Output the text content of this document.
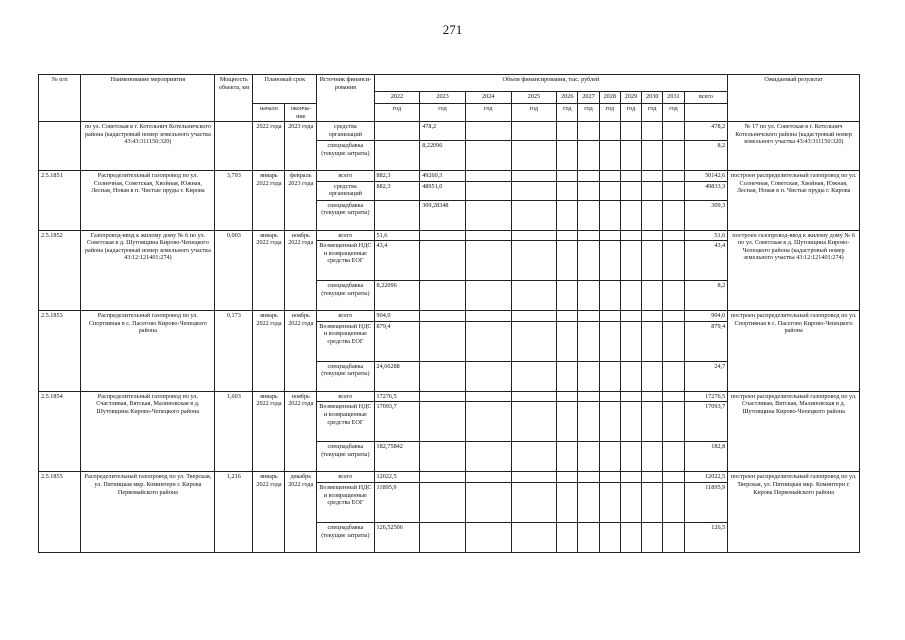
271
№ п/п	Наименование мероприятия	Мощность объекта, км	Плановый срок		Источник финанси-рования	Объем финансирования, тыс. рублей											Ожидаемый результат
						2022	2023	2024	2025	2026	2027	2028	2029	2030	2031	всего	
			начало	оконча-ние		год	год	год	год	год	год	год	год	год	год		
	по ул. Советская в г. Котельнич Котельничского района (кадастровый номер земельного участка 43:43:311150:320)		2022 года	2023 года	средства организаций		478,2									478,2	№ 17 по ул. Советская в г. Котельнич Котельничского района (кадастровый номер земельного участка 43:43:311150:320)
					спецнадбавка (текущие затраты)		8,22096									8,2	
2.5.1851	Распределительный газопровод по ул. Солнечная, Советская, Хвойная, Южная, Лесная, Новая в п. Чистые пруды г. Кирова	3,793	январь 2022 года	февраль 2023 года	всего	882,3	49260,3									50142,6	построен распределительный газопровод по ул. Солнечная, Советская, Хвойная, Южная, Лесная, Новая в п. Чистые пруды г. Кирова
					средства организаций	882,3	48951,0									49833,3	
					спецнадбавка (текущие затраты)		309,28348									309,3	
2.5.1852	Газопровод-ввод к жилому дому № 6 по ул. Советская в д. Шутовщина Кирово-Чепецкого района (кадастровый номер земельного участка 43:12:121401:274)	0,003	январь 2022 года	ноябрь 2022 года	всего	51,6										51,6	построен газопровод-ввод к жилому дому № 6 по ул. Советская в д. Шутовщина Кирово-Чепецкого района (кадастровый номер земельного участка 43:12:121401:274)
					Возмещенный НДС и возвращенные средства ЕОГ	43,4										43,4	
					спецнадбавка (текущие затраты)	8,22096										8,2	
2.5.1853	Распределительный газопровод по ул. Спортивная в с. Пасегово Кирово-Чепецкого района	0,173	январь 2022 года	ноябрь 2022 года	всего	904,0										904,0	построен распределительный газопровод по ул. Спортивная в с. Пасегово Кирово-Чепецкого района
					Возмещенный НДС и возвращенные средства ЕОГ	879,4										879,4	
					спецнадбавка (текущие затраты)	24,66288										24,7	
2.5.1854	Распределительный газопровод по ул. Счастливая, Вятская, Малиновская в д. Шутовщина Кирово-Чепецкого района	1,603	январь 2022 года	ноябрь 2022 года	всего	17276,5										17276,5	построен распределительный газопровод по ул. Счастливая, Вятская, Малиновская в д. Шутовщина Кирово-Чепецкого района
					Возмещенный НДС и возвращенные средства ЕОГ	17093,7										17093,7	
					спецнадбавка (текущие затраты)	182,75842										182,8	
2.5.1855	Распределительный газопровод по ул. Тверская, ул. Пятницкая мкр. Коминтерн г. Кирова Первомайского района	1,216	январь 2022 года	декабрь 2022 года	всего	12022,5										12022,5	построен распределительный газопровод по ул. Тверская, ул. Пятницкая мкр. Коминтерн г. Кирова Первомайского района
					Возмещенный НДС и возвращенные средства ЕОГ	11895,9										11895,9	
					спецнадбавка (текущие затраты)	126,52506										126,5	
